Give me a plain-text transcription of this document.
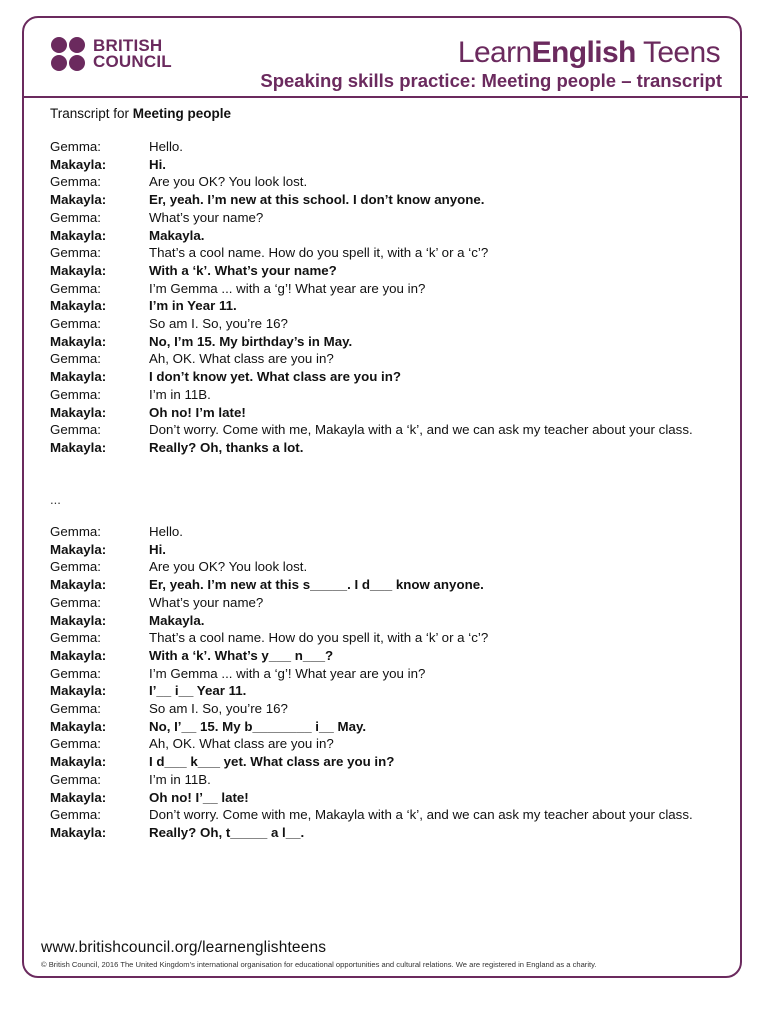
BRITISH
COUNCIL	LearnEnglish Teens
Speaking skills practice: Meeting people – transcript
Transcript for Meeting people
Gemma:	Hello.
Makayla:	Hi.
Gemma:	Are you OK? You look lost.
Makayla:	Er, yeah. I’m new at this school. I don’t know anyone.
Gemma:	What’s your name?
Makayla:	Makayla.
Gemma:	That’s a cool name. How do you spell it, with a ‘k’ or a ‘c’?
Makayla:	With a ‘k’. What’s your name?
Gemma:	I’m Gemma ... with a ‘g’! What year are you in?
Makayla:	I’m in Year 11.
Gemma:	So am I. So, you’re 16?
Makayla:	No, I’m 15. My birthday’s in May.
Gemma:	Ah, OK. What class are you in?
Makayla:	I don’t know yet. What class are you in?
Gemma:	I’m in 11B.
Makayla:	Oh no! I’m late!
Gemma:	Don’t worry. Come with me, Makayla with a ‘k’, and we can ask my teacher about your class.
Makayla:	Really? Oh, thanks a lot.
...
Gemma:	Hello.
Makayla:	Hi.
Gemma:	Are you OK? You look lost.
Makayla:	Er, yeah. I’m new at this s_____. I d___ know anyone.
Gemma:	What’s your name?
Makayla:	Makayla.
Gemma:	That’s a cool name. How do you spell it, with a ‘k’ or a ‘c’?
Makayla:	With a ‘k’. What’s y___ n___?
Gemma:	I’m Gemma ... with a ‘g’! What year are you in?
Makayla:	I’__ i__ Year 11.
Gemma:	So am I. So, you’re 16?
Makayla:	No, I’__ 15. My b________ i__ May.
Gemma:	Ah, OK. What class are you in?
Makayla:	I d___ k___ yet. What class are you in?
Gemma:	I’m in 11B.
Makayla:	Oh no! I’__ late!
Gemma:	Don’t worry. Come with me, Makayla with a ‘k’, and we can ask my teacher about your class.
Makayla:	Really? Oh, t_____ a l__.
www.britishcouncil.org/learnenglishteens
© British Council, 2016 The United Kingdom’s international organisation for educational opportunities and cultural relations. We are registered in England as a charity.
